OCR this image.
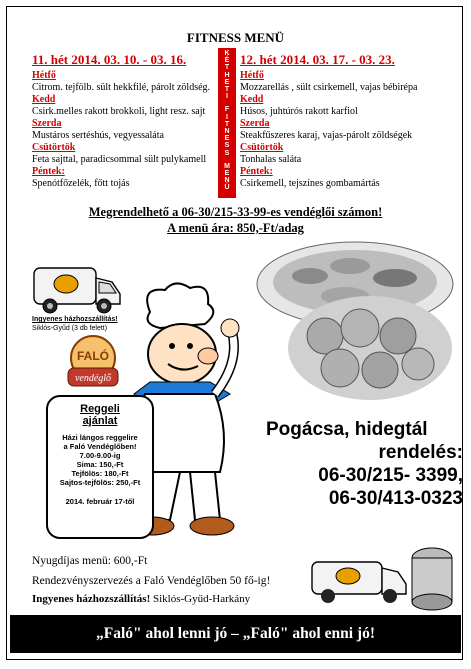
FITNESS MENÜ
11. hét 2014. 03. 10. - 03. 16.	12. hét 2014. 03. 17. - 03. 23.
Hétfő
Citrom. tejfölb. sült hekkfilé, párolt zöldség.
Kedd
Csirk.melles rakott brokkoli, light resz. sajt
Szerda
Mustáros sertéshús, vegyessaláta
Csütörtök
Feta sajttal, paradicsommal sült pulykamell
Péntek:
Spenótfőzelék, főtt tojás
K
É
T
H
E
T
I
F
I
T
N
E
S
S
M
E
N
Ü
Hétfő
Mozzarellás , sült csirkemell, vajas bébirépa
Kedd
Húsos, juhtúrós rakott karfiol
Szerda
Steakfűszeres karaj, vajas-párolt zöldségek
Csütörtök
Tonhalas saláta
Péntek:
Csirkemell, tejszínes gombamártás
Megrendelhető a 06-30/215-33-99-es vendéglői számon!
A menü ára: 850,-Ft/adag
Ingyenes házhozszállítás!
Siklós-Gyűd (3 db felett)
FALÓ
vendéglő
Reggeli
ajánlat
Házi lángos reggelire
a Faló Vendéglőben!
7.00-9.00-ig
Sima: 150,-Ft
Tejfölös: 180,-Ft
Sajtos-tejfölös: 250,-Ft
2014. február 17-től
Pogácsa, hidegtál
rendelés:
06-30/215- 3399,
06-30/413-0323
Nyugdíjas menü: 600,-Ft
Rendezvényszervezés a Faló Vendéglőben 50 fő-ig!
Ingyenes házhozszállítás! Siklós-Gyűd-Harkány
„Faló" ahol lenni jó – „Faló" ahol enni jó!
